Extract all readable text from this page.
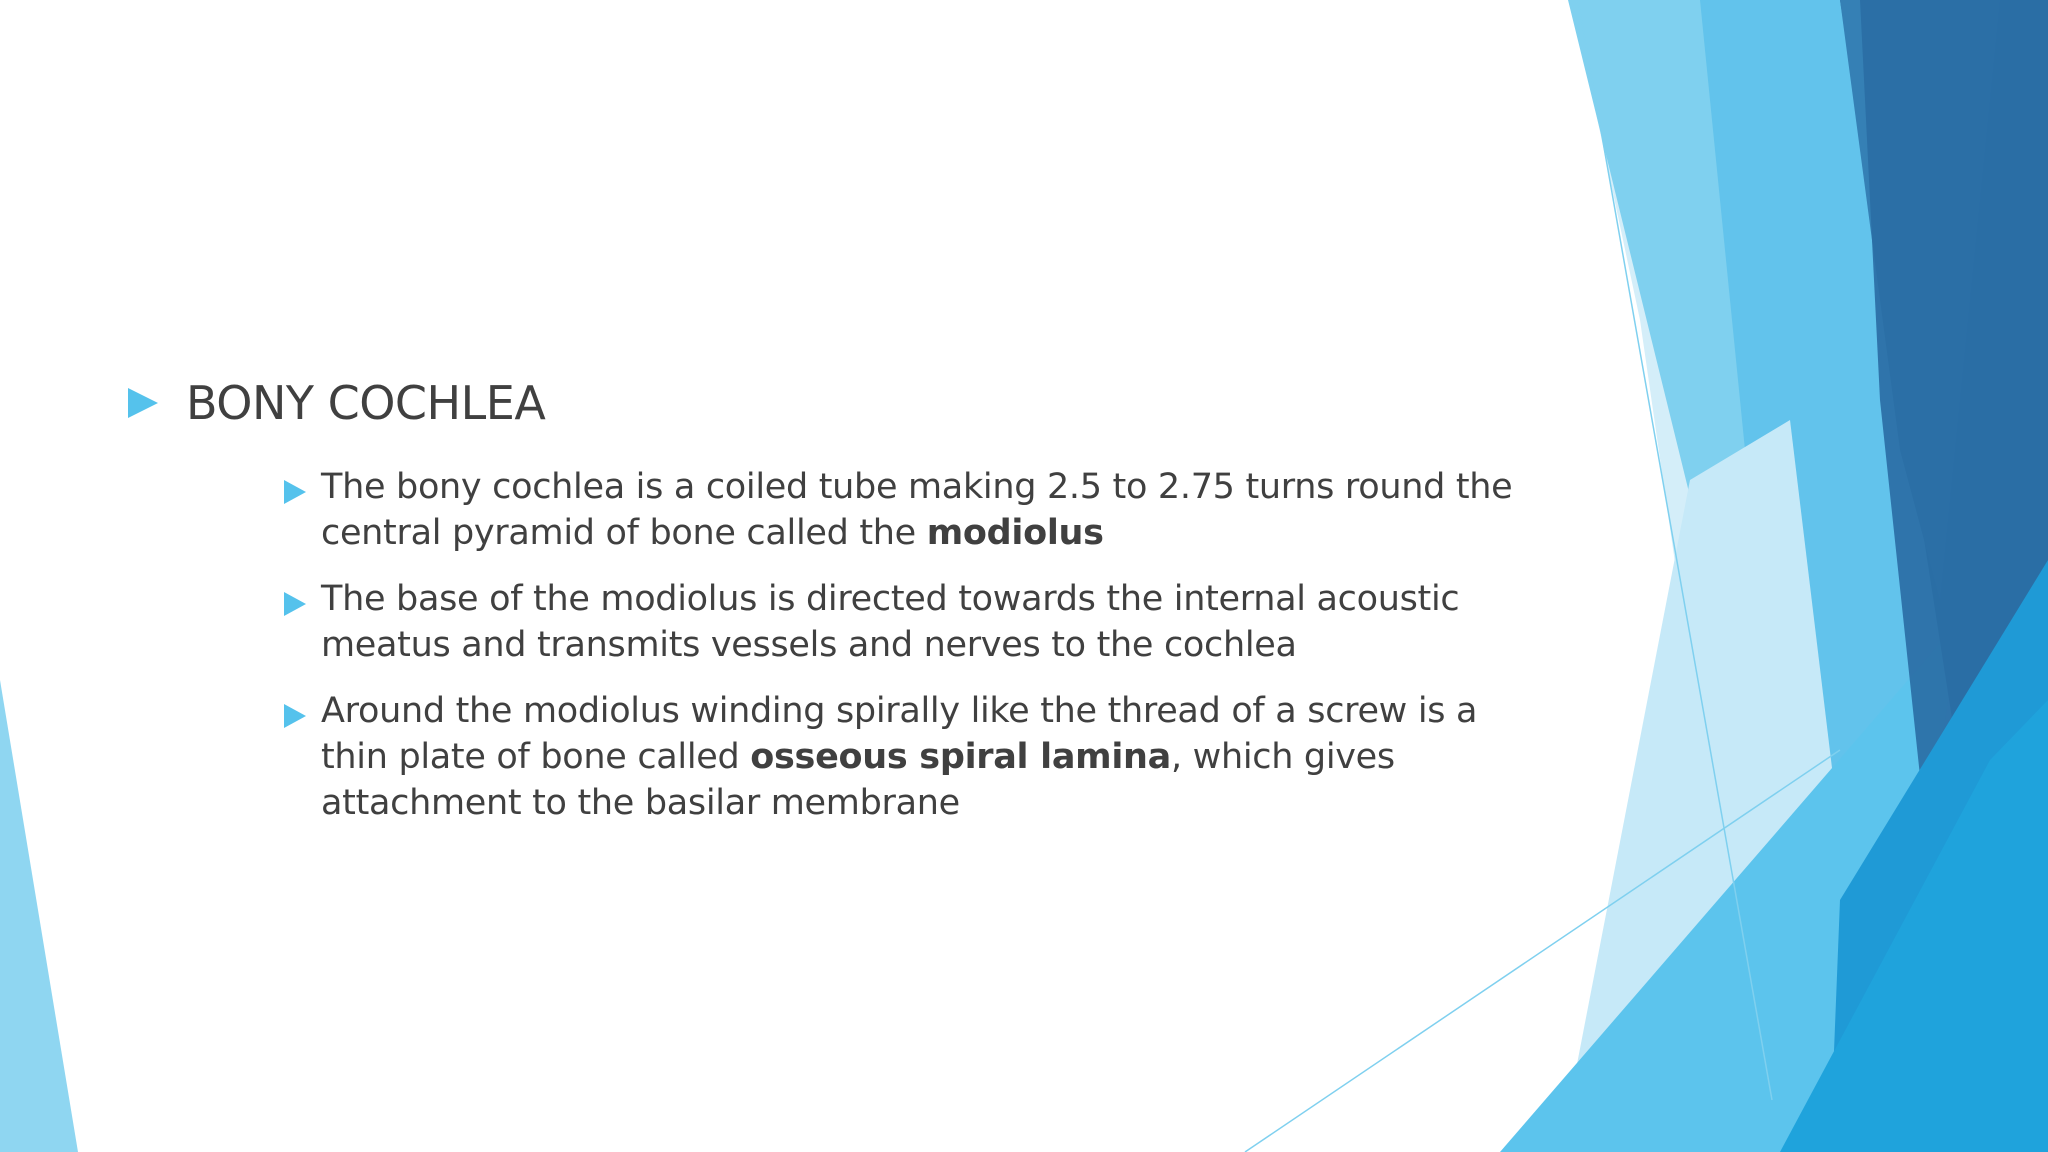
BONY COCHLEA
The bony cochlea is a coiled tube making 2.5 to 2.75 turns round the central pyramid of bone called the modiolus
The base of the modiolus is directed towards the internal acoustic meatus and transmits vessels and nerves to the cochlea
Around the modiolus winding spirally like the thread of a screw is a thin plate of bone called osseous spiral lamina, which gives attachment to the basilar membrane
